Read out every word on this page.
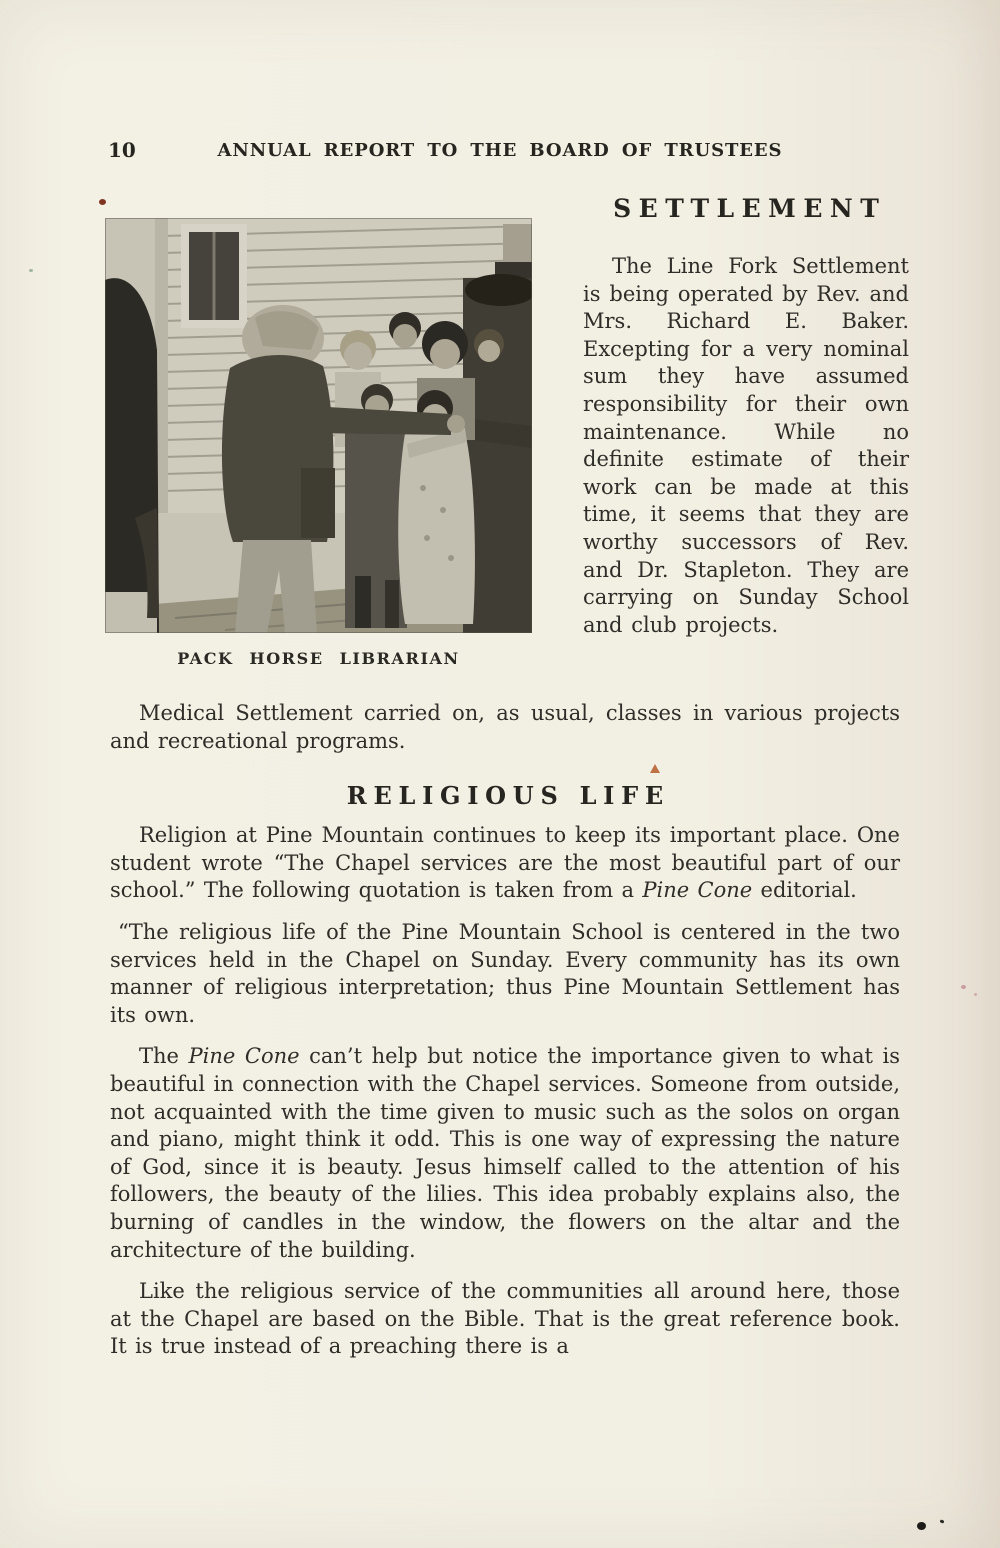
10	ANNUAL REPORT TO THE BOARD OF TRUSTEES
PACK HORSE LIBRARIAN
SETTLEMENT

The Line Fork Settlement is being operated by Rev. and Mrs. Richard E. Baker. Excepting for a very nominal sum they have assumed responsibility for their own maintenance. While no definite estimate of their work can be made at this time, it seems that they are worthy successors of Rev. and Dr. Stapleton. They are carrying on Sunday School and club projects.

Medical Settlement carried on, as usual, classes in various projects and recreational programs.

RELIGIOUS LIFE

Religion at Pine Mountain continues to keep its important place. One student wrote “The Chapel services are the most beautiful part of our school.” The following quotation is taken from a Pine Cone editorial.

“The religious life of the Pine Mountain School is centered in the two services held in the Chapel on Sunday. Every community has its own manner of religious interpretation; thus Pine Mountain Settlement has its own.

The Pine Cone can’t help but notice the importance given to what is beautiful in connection with the Chapel services. Someone from outside, not acquainted with the time given to music such as the solos on organ and piano, might think it odd. This is one way of expressing the nature of God, since it is beauty. Jesus himself called to the attention of his followers, the beauty of the lilies. This idea probably explains also, the burning of candles in the window, the flowers on the altar and the architecture of the building.

Like the religious service of the communities all around here, those at the Chapel are based on the Bible. That is the great reference book. It is true instead of a preaching there is a
